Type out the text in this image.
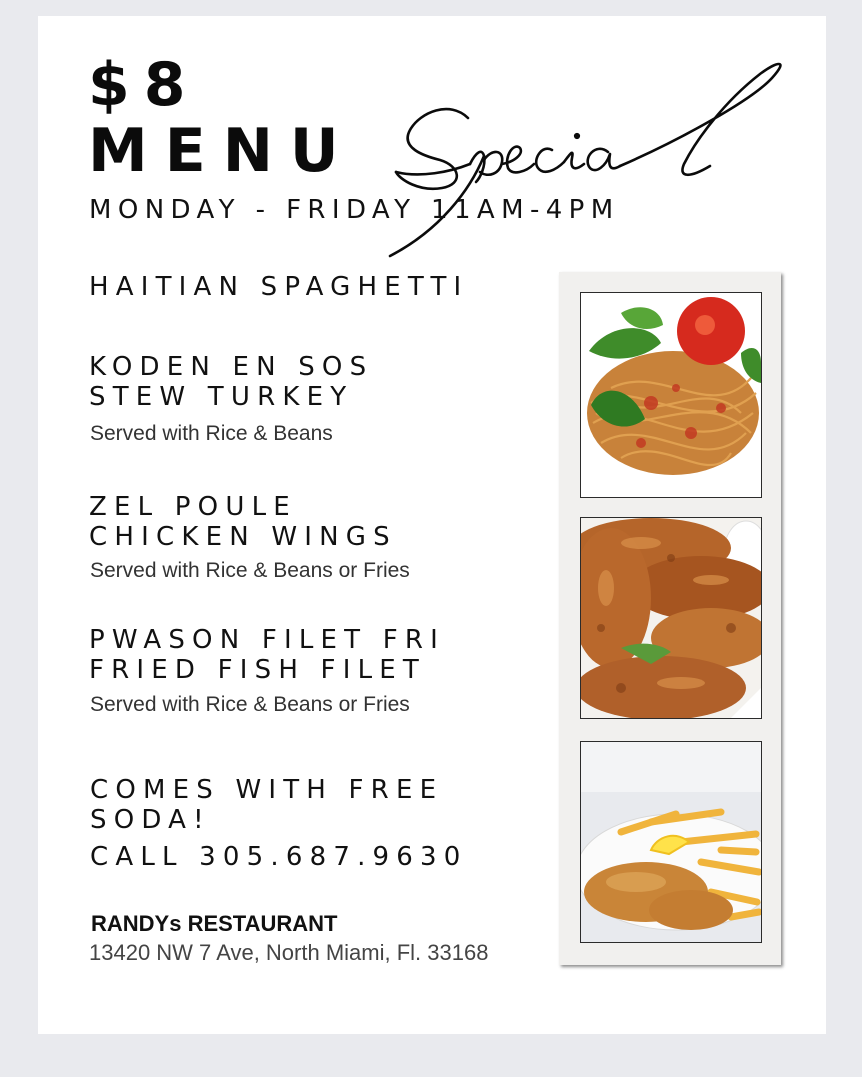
$8
MENU
MONDAY - FRIDAY 11AM-4PM
HAITIAN SPAGHETTI
KODEN EN SOS
STEW TURKEY
Served with Rice & Beans
ZEL POULE
CHICKEN WINGS
Served with Rice & Beans or Fries
PWASON FILET FRI
FRIED FISH FILET
Served with Rice & Beans or Fries
COMES WITH FREE
SODA!
CALL 305.687.9630
RANDYs RESTAURANT
13420 NW 7 Ave, North Miami, Fl. 33168
